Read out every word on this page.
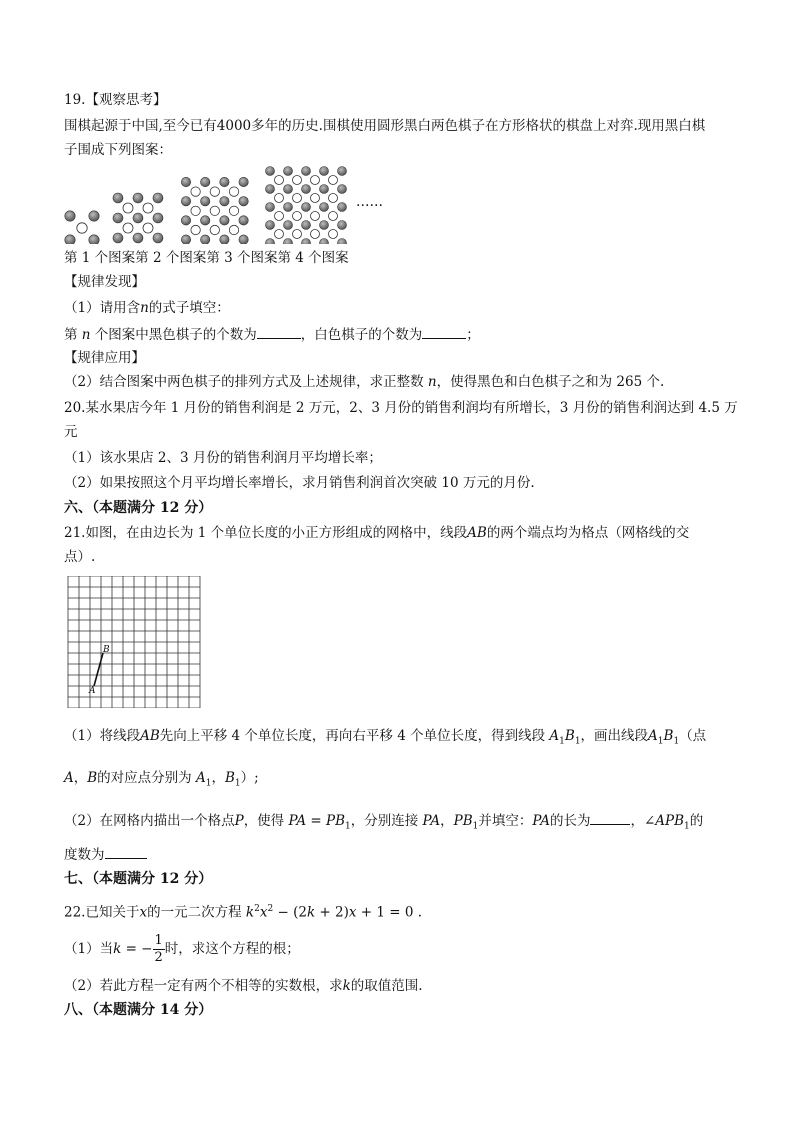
19.【观察思考】
围棋起源于中国,至今已有4000多年的历史.围棋使用圆形黑白两色棋子在方形格状的棋盘上对弈.现用黑白棋
子围成下列图案：
……
第 1 个图案第 2 个图案第 3 个图案第 4 个图案
【规律发现】
（1）请用含n的式子填空：
第 n 个图案中黑色棋子的个数为	，白色棋子的个数为	；
【规律应用】
（2）结合图案中两色棋子的排列方式及上述规律，求正整数 n，使得黑色和白色棋子之和为 265 个.
20.某水果店今年 1 月份的销售利润是 2 万元，2、3 月份的销售利润均有所增长，3 月份的销售利润达到 4.5 万
元
（1）该水果店 2、3 月份的销售利润月平均增长率；
（2）如果按照这个月平均增长率增长，求月销售利润首次突破 10 万元的月份.
六、（本题满分 12 分）
21.如图，在由边长为 1 个单位长度的小正方形组成的网格中，线段AB的两个端点均为格点（网格线的交
点）.
A
B
（1）将线段AB先向上平移 4 个单位长度，再向右平移 4 个单位长度，得到线段 $A_1B_1$，画出线段$A_1B_1$（点
A，B的对应点分别为 $A_1$，$B_1$）;
（2）在网格内描出一个格点P，使得 PA = $PB_1$，分别连接 PA，$PB_1$并填空：PA的长为	，$\angle APB_1$的
度数为
七、（本题满分 12 分）
22.已知关于x的一元二次方程 $k^2x^2 - (2k + 2)x + 1 = 0$ .
（1）当k = − $\frac{1}{2}$ 时，求这个方程的根；
（2）若此方程一定有两个不相等的实数根，求k的取值范围.
八、（本题满分 14 分）
